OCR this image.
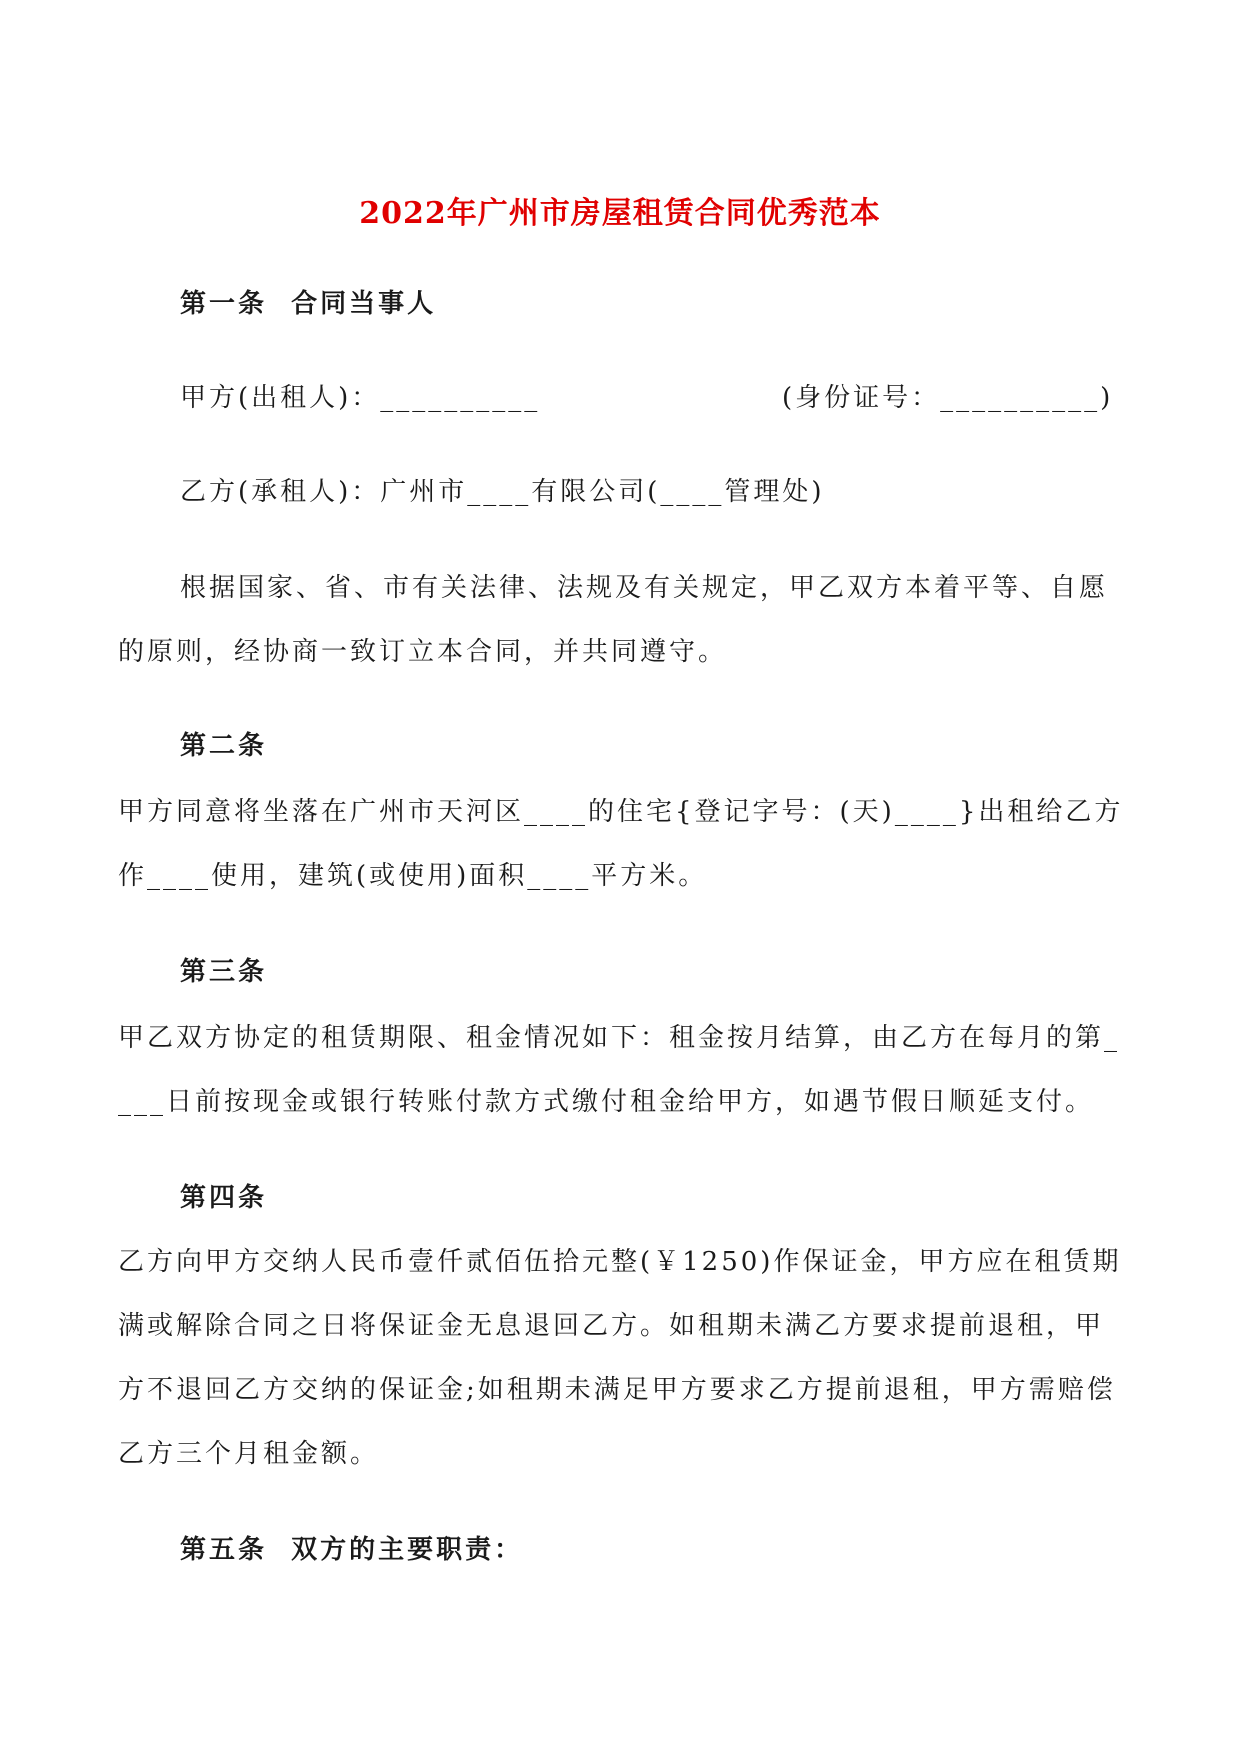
2022年广州市房屋租赁合同优秀范本
第一条  合同当事人
甲方(出租人)：__________	(身份证号：__________)
乙方(承租人)：广州市____有限公司(____管理处)
根据国家、省、市有关法律、法规及有关规定，甲乙双方本着平等、自愿
的原则，经协商一致订立本合同，并共同遵守。
第二条
甲方同意将坐落在广州市天河区____的住宅{登记字号：(天)____}出租给乙方
作____使用，建筑(或使用)面积____平方米。
第三条
甲乙双方协定的租赁期限、租金情况如下：租金按月结算，由乙方在每月的第_
___日前按现金或银行转账付款方式缴付租金给甲方，如遇节假日顺延支付。
第四条
乙方向甲方交纳人民币壹仟贰佰伍拾元整(￥1250)作保证金，甲方应在租赁期
满或解除合同之日将保证金无息退回乙方。如租期未满乙方要求提前退租，甲
方不退回乙方交纳的保证金;如租期未满足甲方要求乙方提前退租，甲方需赔偿
乙方三个月租金额。
第五条  双方的主要职责：
